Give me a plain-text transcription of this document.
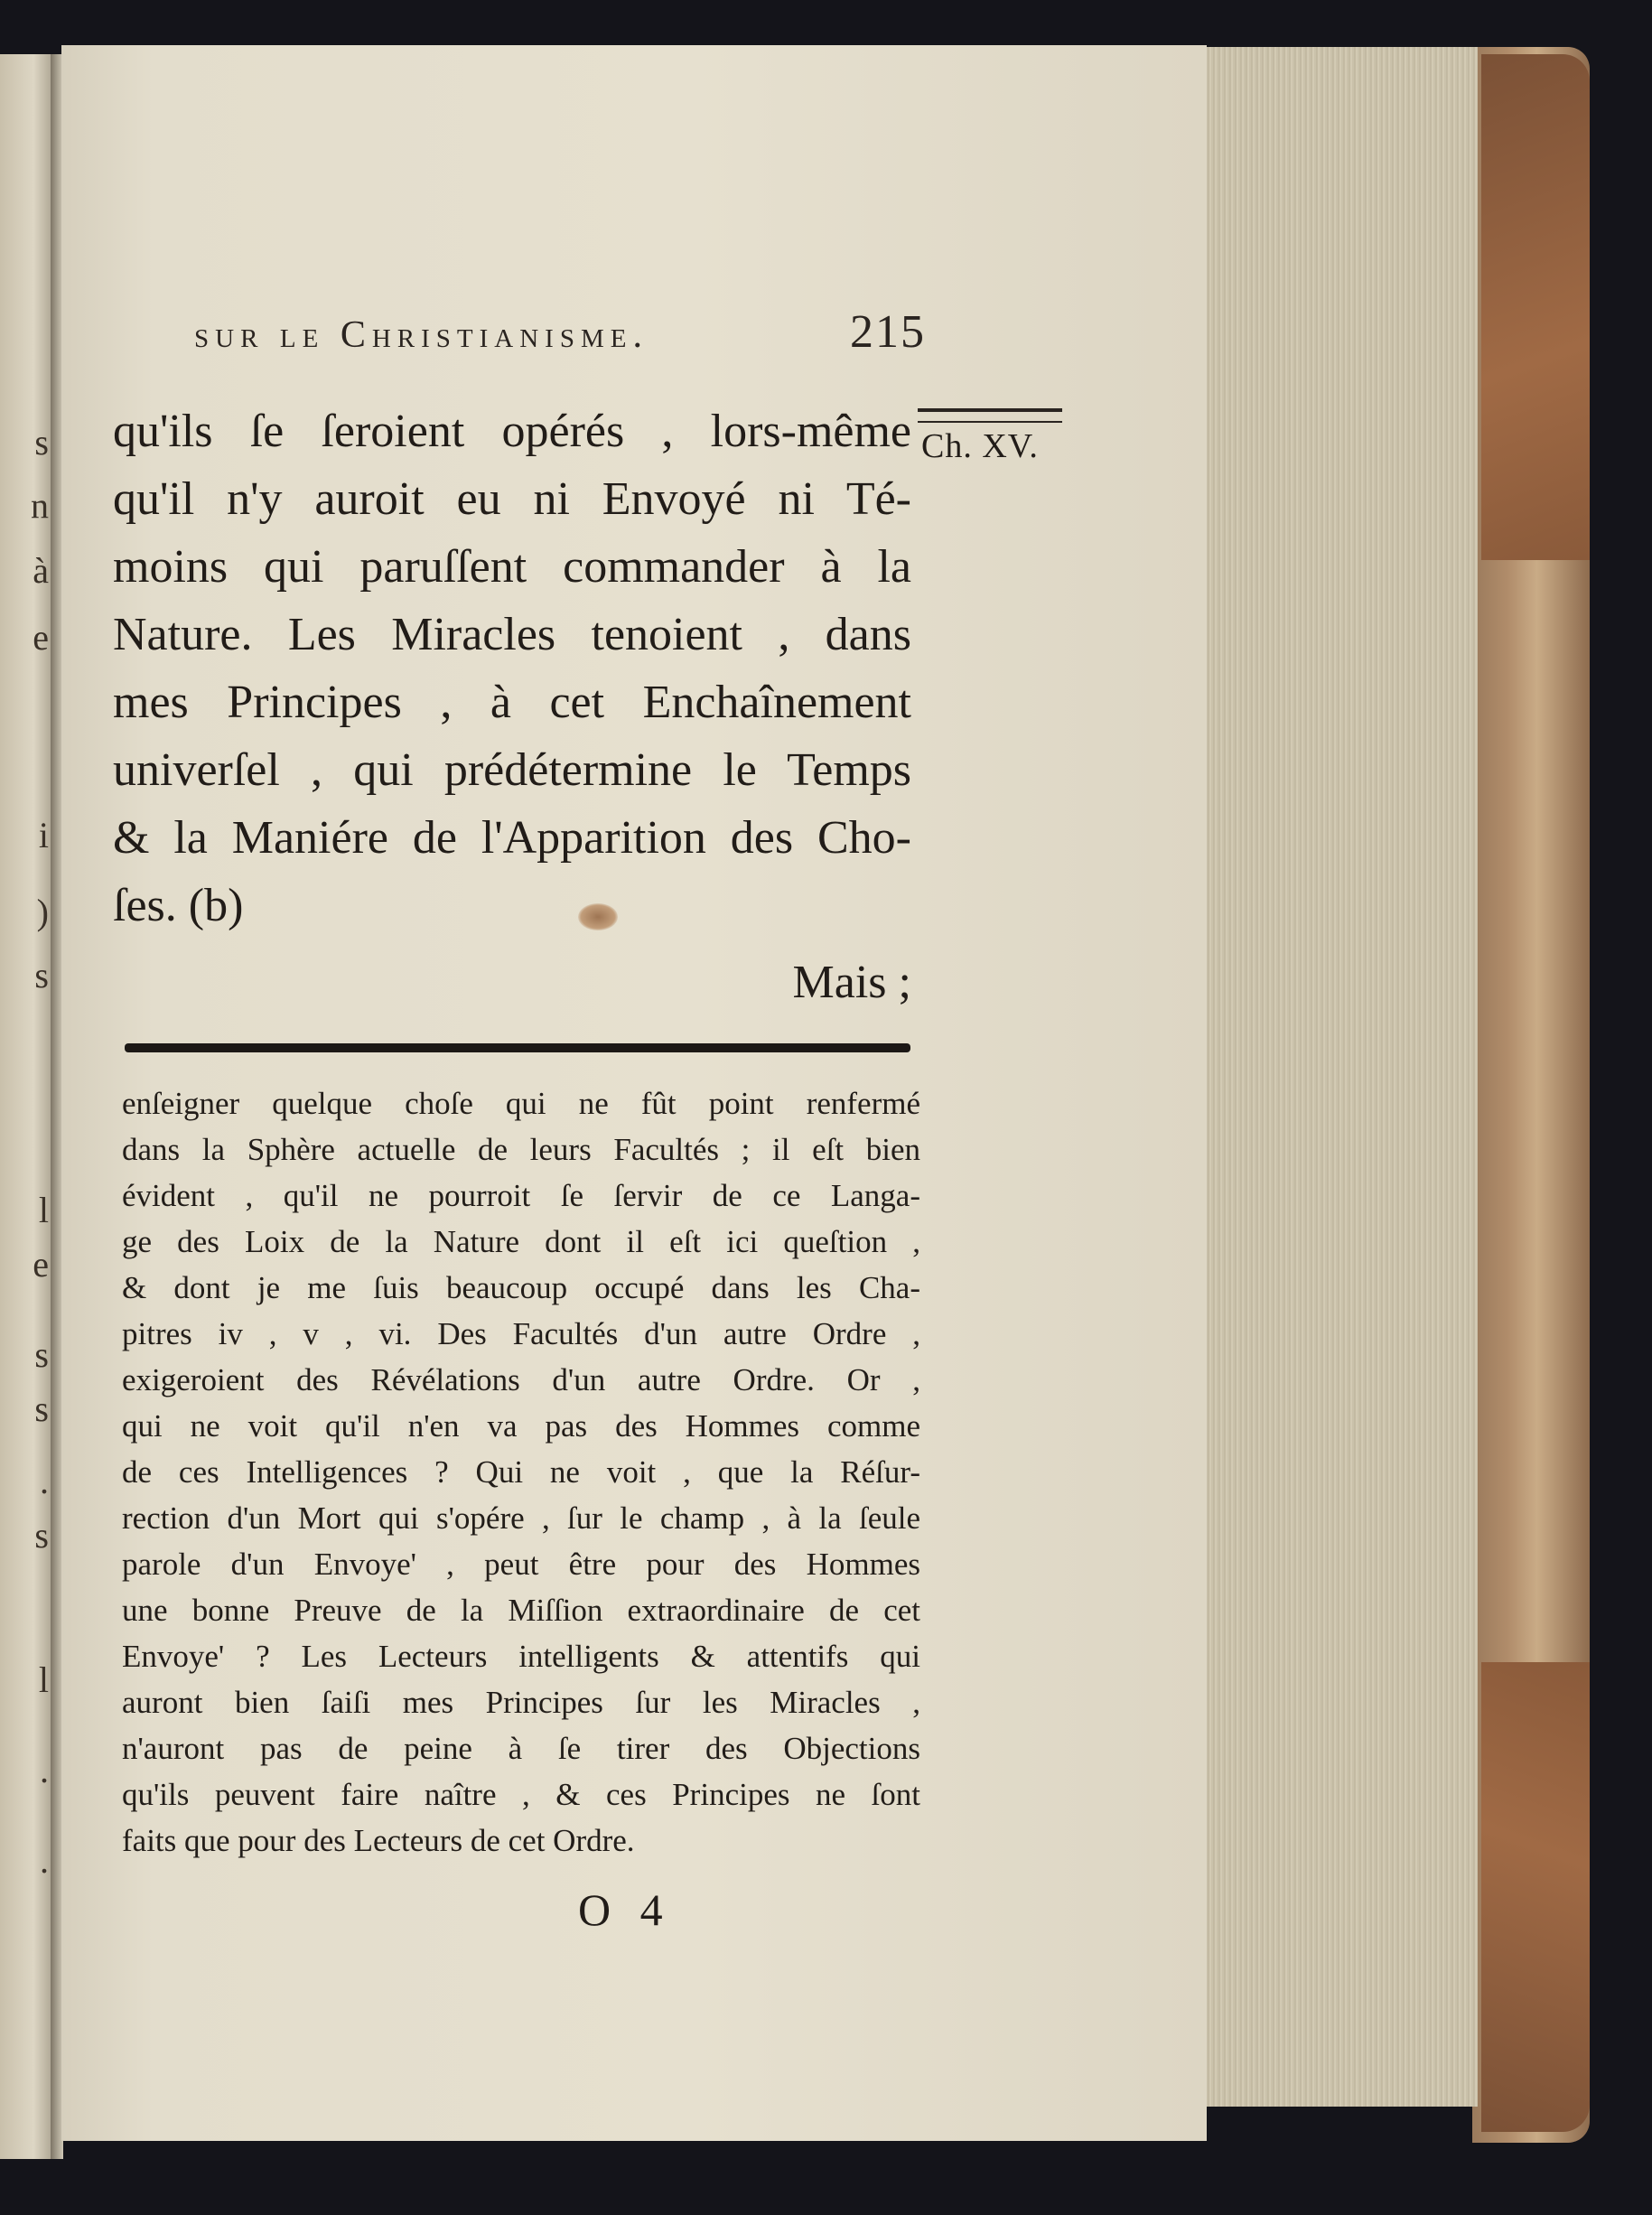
s
n
à
e
i
)
s
l
e
s
s
.
s
l
.
.
sur le Christianisme.	215
Ch. XV.
qu'ils ſe ſeroient opérés , lors-même
qu'il n'y auroit eu ni Envoyé ni Té-
moins qui paruſſent commander à la
Nature. Les Miracles tenoient , dans
mes Principes , à cet Enchaînement
univerſel , qui prédétermine le Temps
& la Maniére de l'Apparition des Cho-
ſes. (b)
Mais ;
enſeigner quelque choſe qui ne fût point renfermé
dans la Sphère actuelle de leurs Facultés ; il eſt bien
évident , qu'il ne pourroit ſe ſervir de ce Langa-
ge des Loix de la Nature dont il eſt ici queſtion ,
& dont je me ſuis beaucoup occupé dans les Cha-
pitres iv , v , vi. Des Facultés d'un autre Ordre ,
exigeroient des Révélations d'un autre Ordre. Or ,
qui ne voit qu'il n'en va pas des Hommes comme
de ces Intelligences ? Qui ne voit , que la Réſur-
rection d'un Mort qui s'opére , ſur le champ , à la ſeule
parole d'un Envoye' , peut être pour des Hommes
une bonne Preuve de la Miſſion extraordinaire de cet
Envoye' ? Les Lecteurs intelligents & attentifs qui
auront bien ſaiſi mes Principes ſur les Miracles ,
n'auront pas de peine à ſe tirer des Objections
qu'ils peuvent faire naître , & ces Principes ne ſont
faits que pour des Lecteurs de cet Ordre.
O 4
